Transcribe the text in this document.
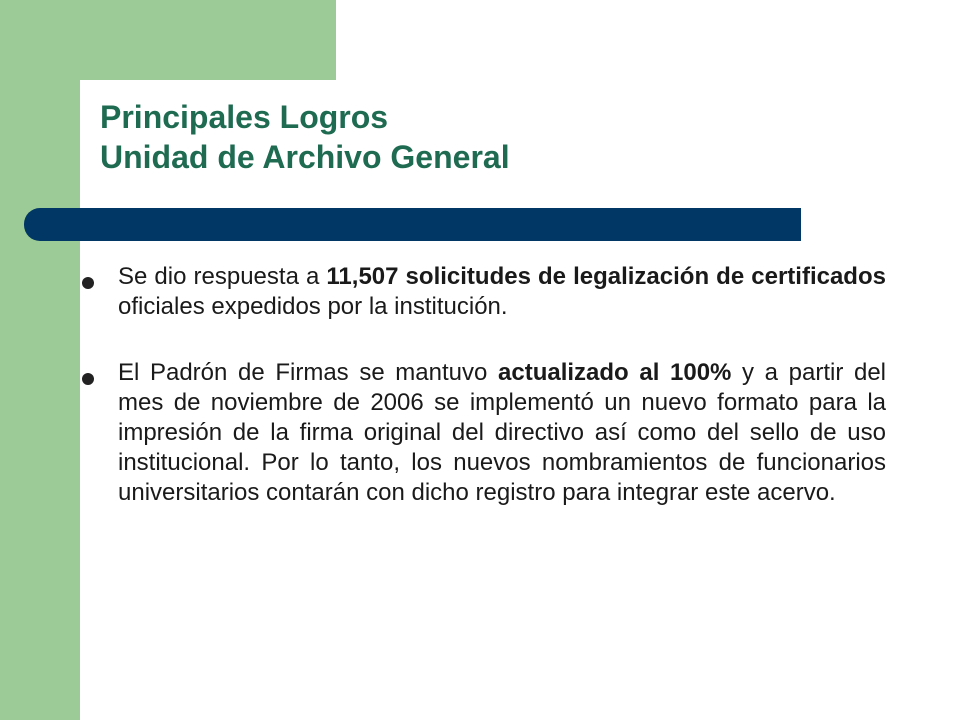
Principales Logros
Unidad de Archivo General

Se dio respuesta a 11,507 solicitudes de legalización de certificados oficiales expedidos por la institución.

El Padrón de Firmas se mantuvo actualizado al 100% y a partir del mes de noviembre de 2006 se implementó un nuevo formato para la impresión de la firma original del directivo así como del sello de uso institucional. Por lo tanto, los nuevos nombramientos de funcionarios universitarios contarán con dicho registro para integrar este acervo.
